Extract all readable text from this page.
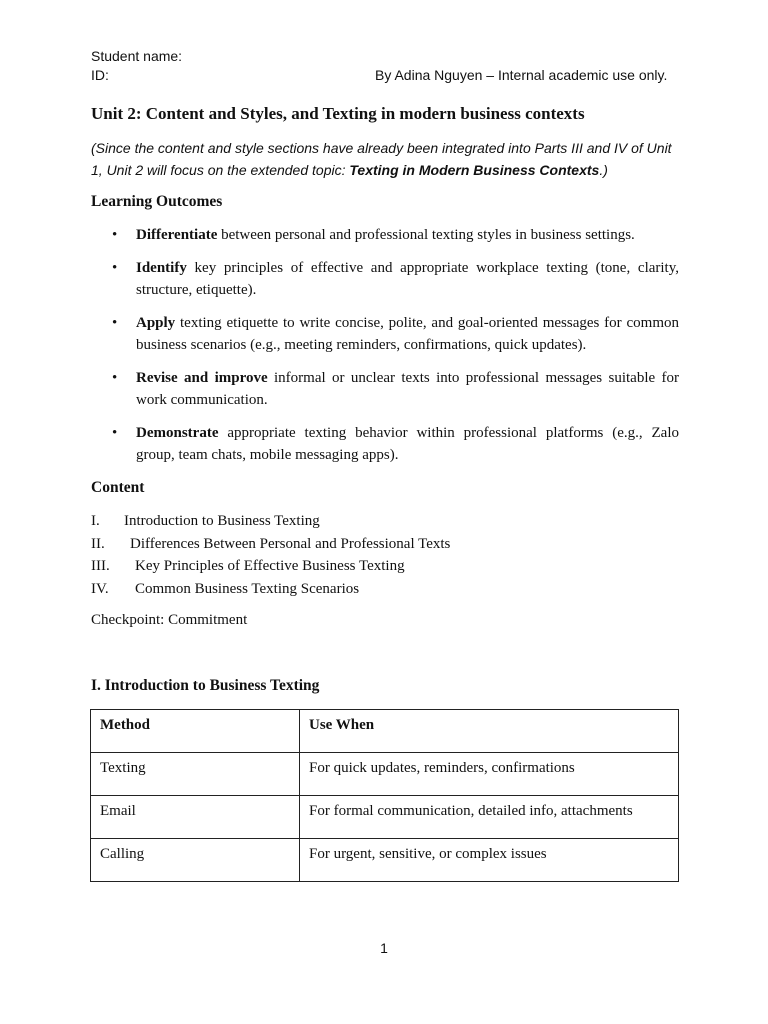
Student name:
ID:	By Adina Nguyen – Internal academic use only.
Unit 2: Content and Styles, and Texting in modern business contexts
(Since the content and style sections have already been integrated into Parts III and IV of Unit 1, Unit 2 will focus on the extended topic: Texting in Modern Business Contexts.)
Learning Outcomes
• Differentiate between personal and professional texting styles in business settings.
• Identify key principles of effective and appropriate workplace texting (tone, clarity, structure, etiquette).
• Apply texting etiquette to write concise, polite, and goal-oriented messages for common business scenarios (e.g., meeting reminders, confirmations, quick updates).
• Revise and improve informal or unclear texts into professional messages suitable for work communication.
• Demonstrate appropriate texting behavior within professional platforms (e.g., Zalo group, team chats, mobile messaging apps).
Content
I. Introduction to Business Texting
II. Differences Between Personal and Professional Texts
III. Key Principles of Effective Business Texting
IV. Common Business Texting Scenarios
Checkpoint: Commitment
I. Introduction to Business Texting
Method	Use When
Texting	For quick updates, reminders, confirmations
Email	For formal communication, detailed info, attachments
Calling	For urgent, sensitive, or complex issues
1
